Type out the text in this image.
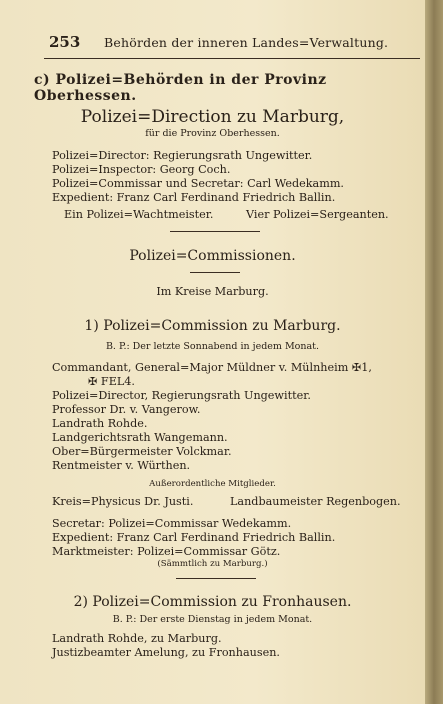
253 Behörden der inneren Landes=Verwaltung.
c) Polizei=Behörden in der Provinz Oberhessen.
Polizei=Direction zu Marburg,
für die Provinz Oberhessen.
Polizei=Director: Regierungsrath Ungewitter.
Polizei=Inspector: Georg Coch.
Polizei=Commissar und Secretar: Carl Wedekamm.
Expedient: Franz Carl Ferdinand Friedrich Ballin.
Ein Polizei=Wachtmeister.	Vier Polizei=Sergeanten.
Polizei=Commissionen.
Im Kreise Marburg.
1) Polizei=Commission zu Marburg.
B. P.: Der letzte Sonnabend in jedem Monat.
Commandant, General=Major Müldner v. Mülnheim ✠1,
✠ FEL4.
Polizei=Director, Regierungsrath Ungewitter.
Professor Dr. v. Vangerow.
Landrath Rohde.
Landgerichtsrath Wangemann.
Ober=Bürgermeister Volckmar.
Rentmeister v. Würthen.
Außerordentliche Mitglieder.
Kreis=Physicus Dr. Justi.	Landbaumeister Regenbogen.
Secretar: Polizei=Commissar Wedekamm.
Expedient: Franz Carl Ferdinand Friedrich Ballin.
Marktmeister: Polizei=Commissar Götz.
(Sämmtlich zu Marburg.)
2) Polizei=Commission zu Fronhausen.
B. P.: Der erste Dienstag in jedem Monat.
Landrath Rohde, zu Marburg.
Justizbeamter Amelung, zu Fronhausen.
